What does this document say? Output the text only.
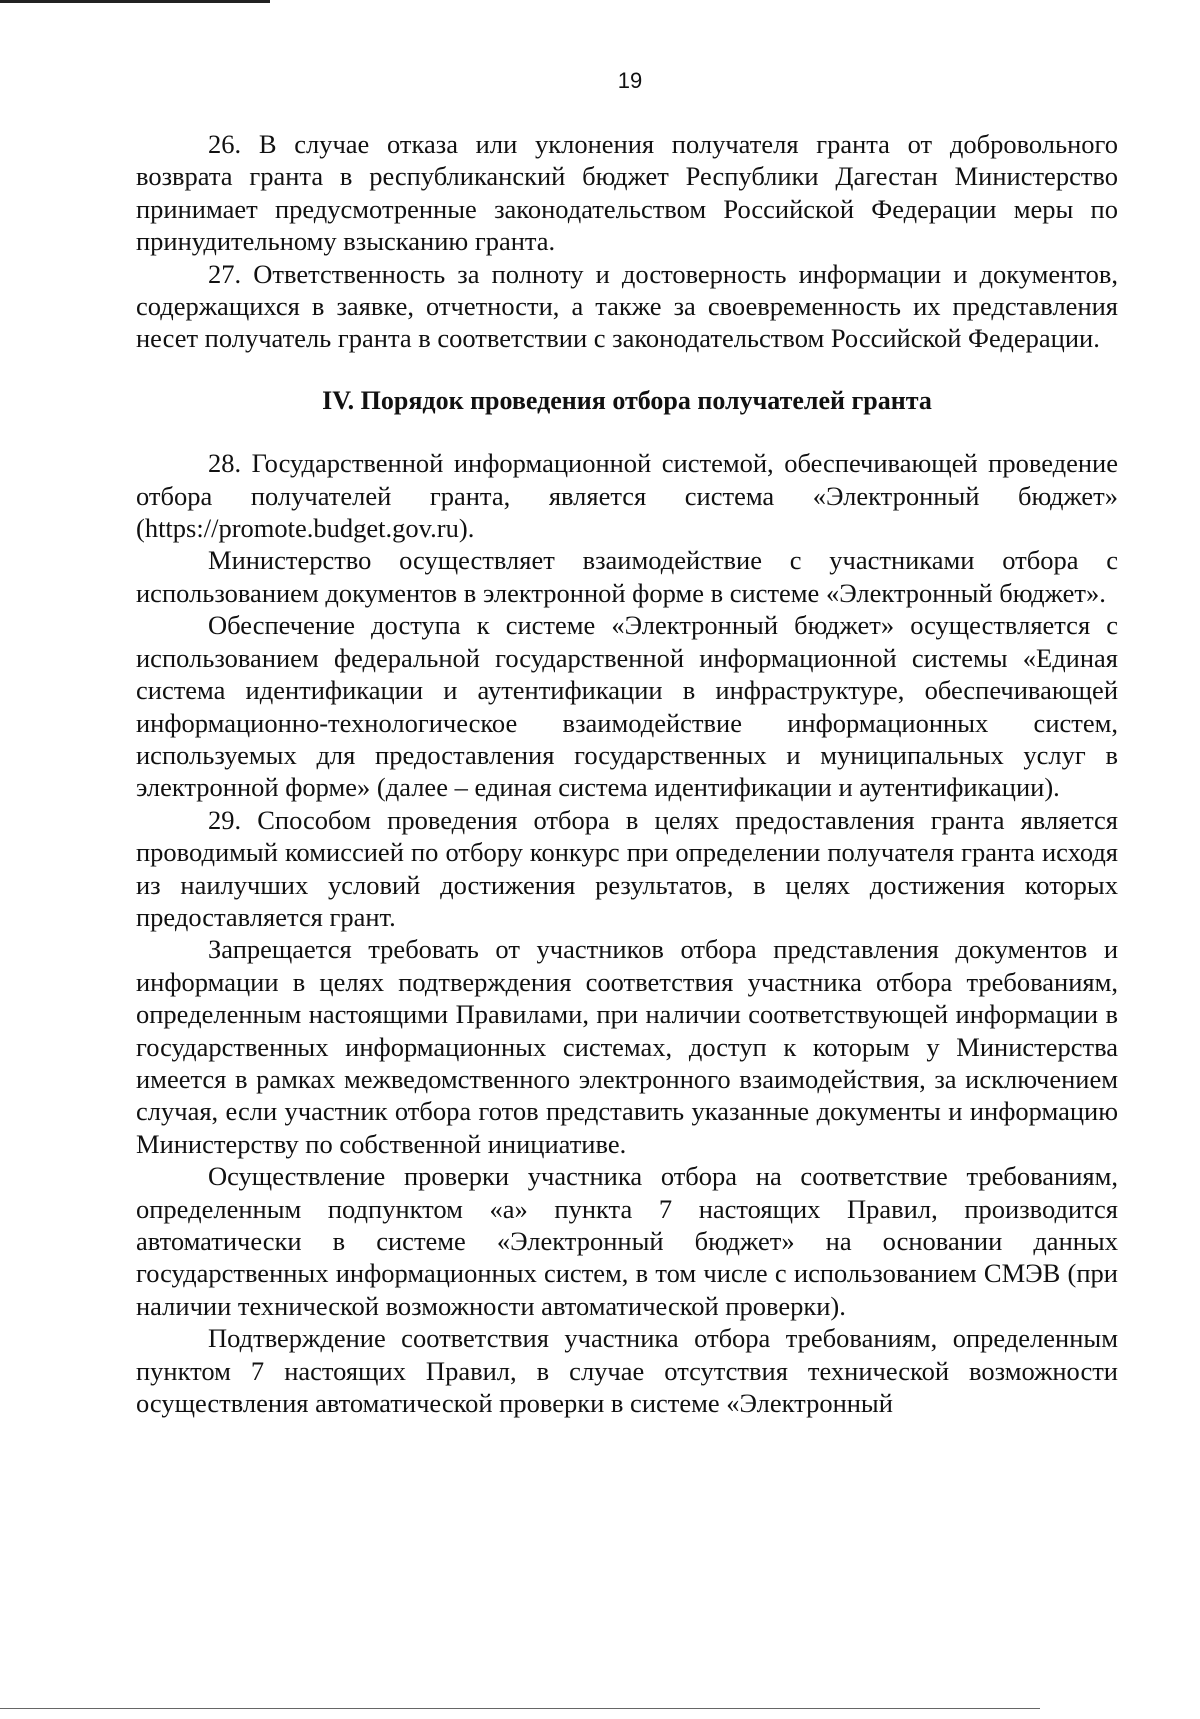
19

26. В случае отказа или уклонения получателя гранта от добровольного возврата гранта в республиканский бюджет Республики Дагестан Министерство принимает предусмотренные законодательством Российской Федерации меры по принудительному взысканию гранта.

27. Ответственность за полноту и достоверность информации и документов, содержащихся в заявке, отчетности, а также за своевременность их представления несет получатель гранта в соответствии с законодательством Российской Федерации.

IV. Порядок проведения отбора получателей гранта

28. Государственной информационной системой, обеспечивающей проведение отбора получателей гранта, является система «Электронный бюджет» (https://promote.budget.gov.ru).

Министерство осуществляет взаимодействие с участниками отбора с использованием документов в электронной форме в системе «Электронный бюджет».

Обеспечение доступа к системе «Электронный бюджет» осуществляется с использованием федеральной государственной информационной системы «Единая система идентификации и аутентификации в инфраструктуре, обеспечивающей информационно-технологическое взаимодействие информационных систем, используемых для предоставления государственных и муниципальных услуг в электронной форме» (далее – единая система идентификации и аутентификации).

29. Способом проведения отбора в целях предоставления гранта является проводимый комиссией по отбору конкурс при определении получателя гранта исходя из наилучших условий достижения результатов, в целях достижения которых предоставляется грант.

Запрещается требовать от участников отбора представления документов и информации в целях подтверждения соответствия участника отбора требованиям, определенным настоящими Правилами, при наличии соответствующей информации в государственных информационных системах, доступ к которым у Министерства имеется в рамках межведомственного электронного взаимодействия, за исключением случая, если участник отбора готов представить указанные документы и информацию Министерству по собственной инициативе.

Осуществление проверки участника отбора на соответствие требованиям, определенным подпунктом «а» пункта 7 настоящих Правил, производится автоматически в системе «Электронный бюджет» на основании данных государственных информационных систем, в том числе с использованием СМЭВ (при наличии технической возможности автоматической проверки).

Подтверждение соответствия участника отбора требованиям, определенным пунктом 7 настоящих Правил, в случае отсутствия технической возможности осуществления автоматической проверки в системе «Электронный
